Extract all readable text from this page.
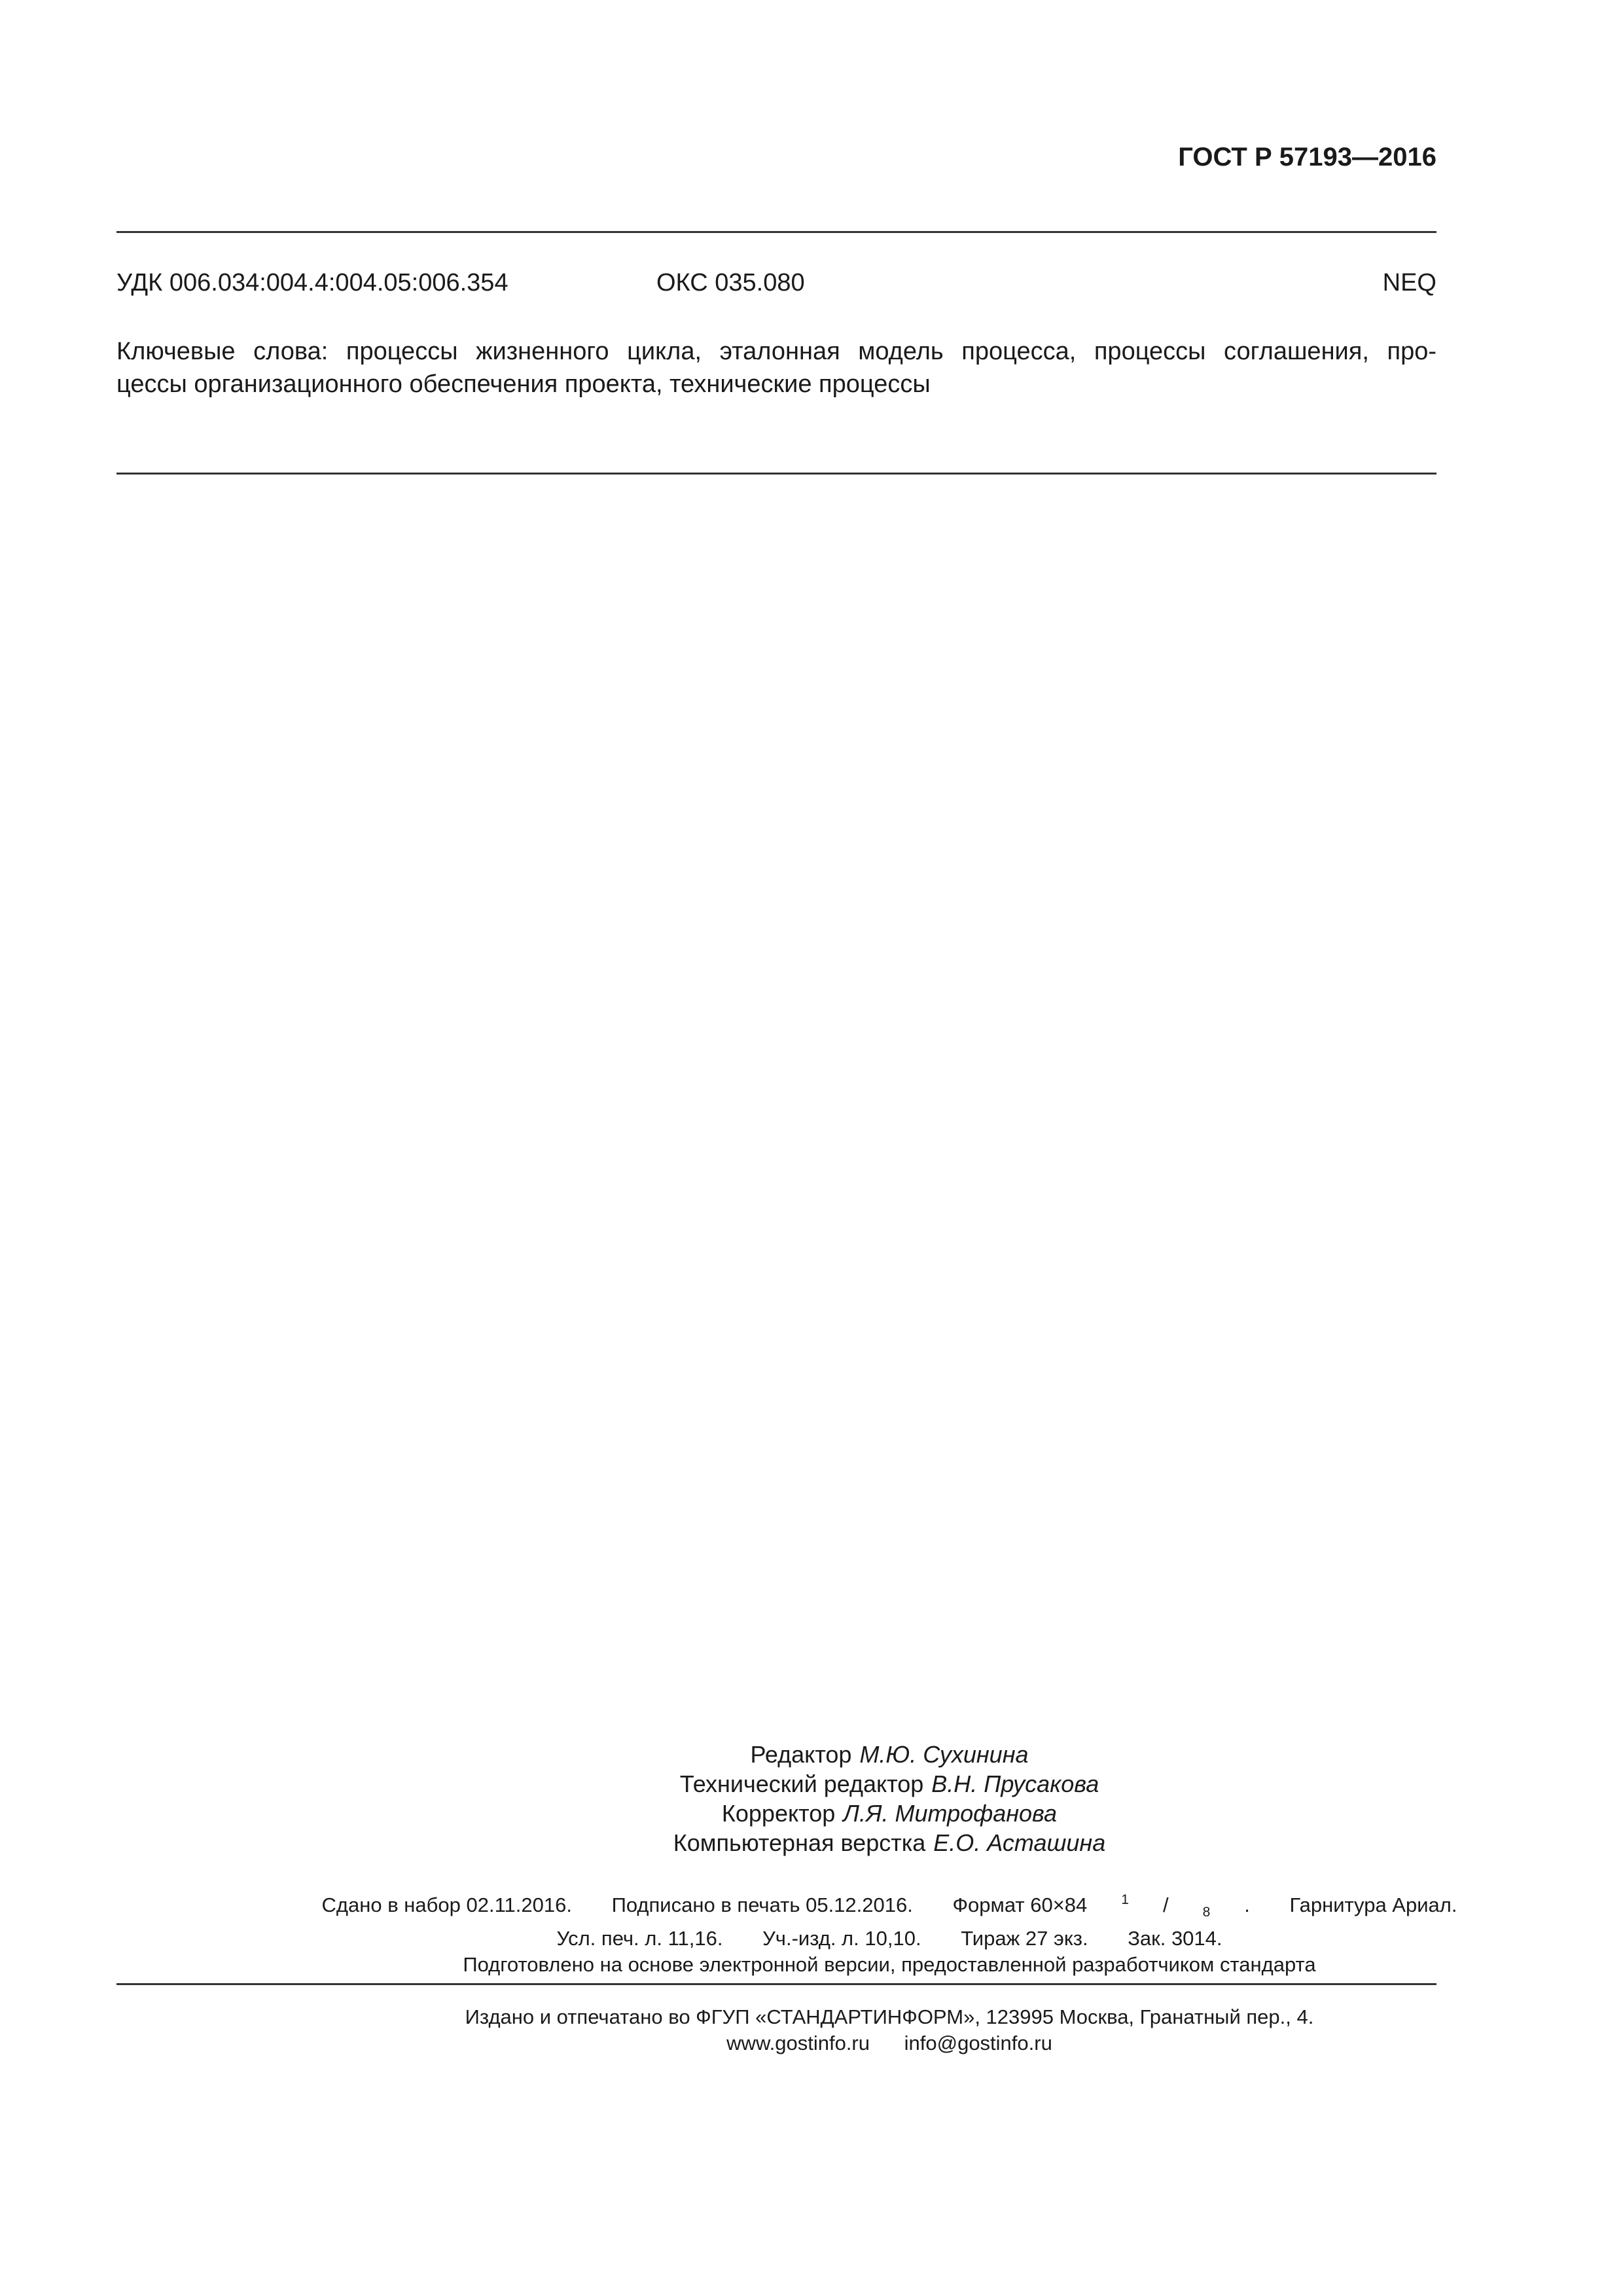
ГОСТ Р 57193—2016
УДК 006.034:004.4:004.05:006.354	ОКС 035.080	NEQ

Ключевые слова: процессы жизненного цикла, эталонная модель процесса, процессы соглашения, про-

цессы организационного обеспечения проекта, технические процессы

Редактор М.Ю. Сухинина
Технический редактор В.Н. Прусакова
Корректор Л.Я. Митрофанова
Компьютерная верстка Е.О. Асташина
Сдано в набор 02.11.2016. Подписано в печать 05.12.2016. Формат 60×84 $^1$ / $_8$ . Гарнитура Ариал.
Усл. печ. л. 11,16. Уч.-изд. л. 10,10. Тираж 27 экз. Зак. 3014.
Подготовлено на основе электронной версии, предоставленной разработчиком стандарта
Издано и отпечатано во ФГУП «СТАНДАРТИНФОРМ», 123995 Москва, Гранатный пер., 4.
www.gostinfo.ru info@gostinfo.ru
